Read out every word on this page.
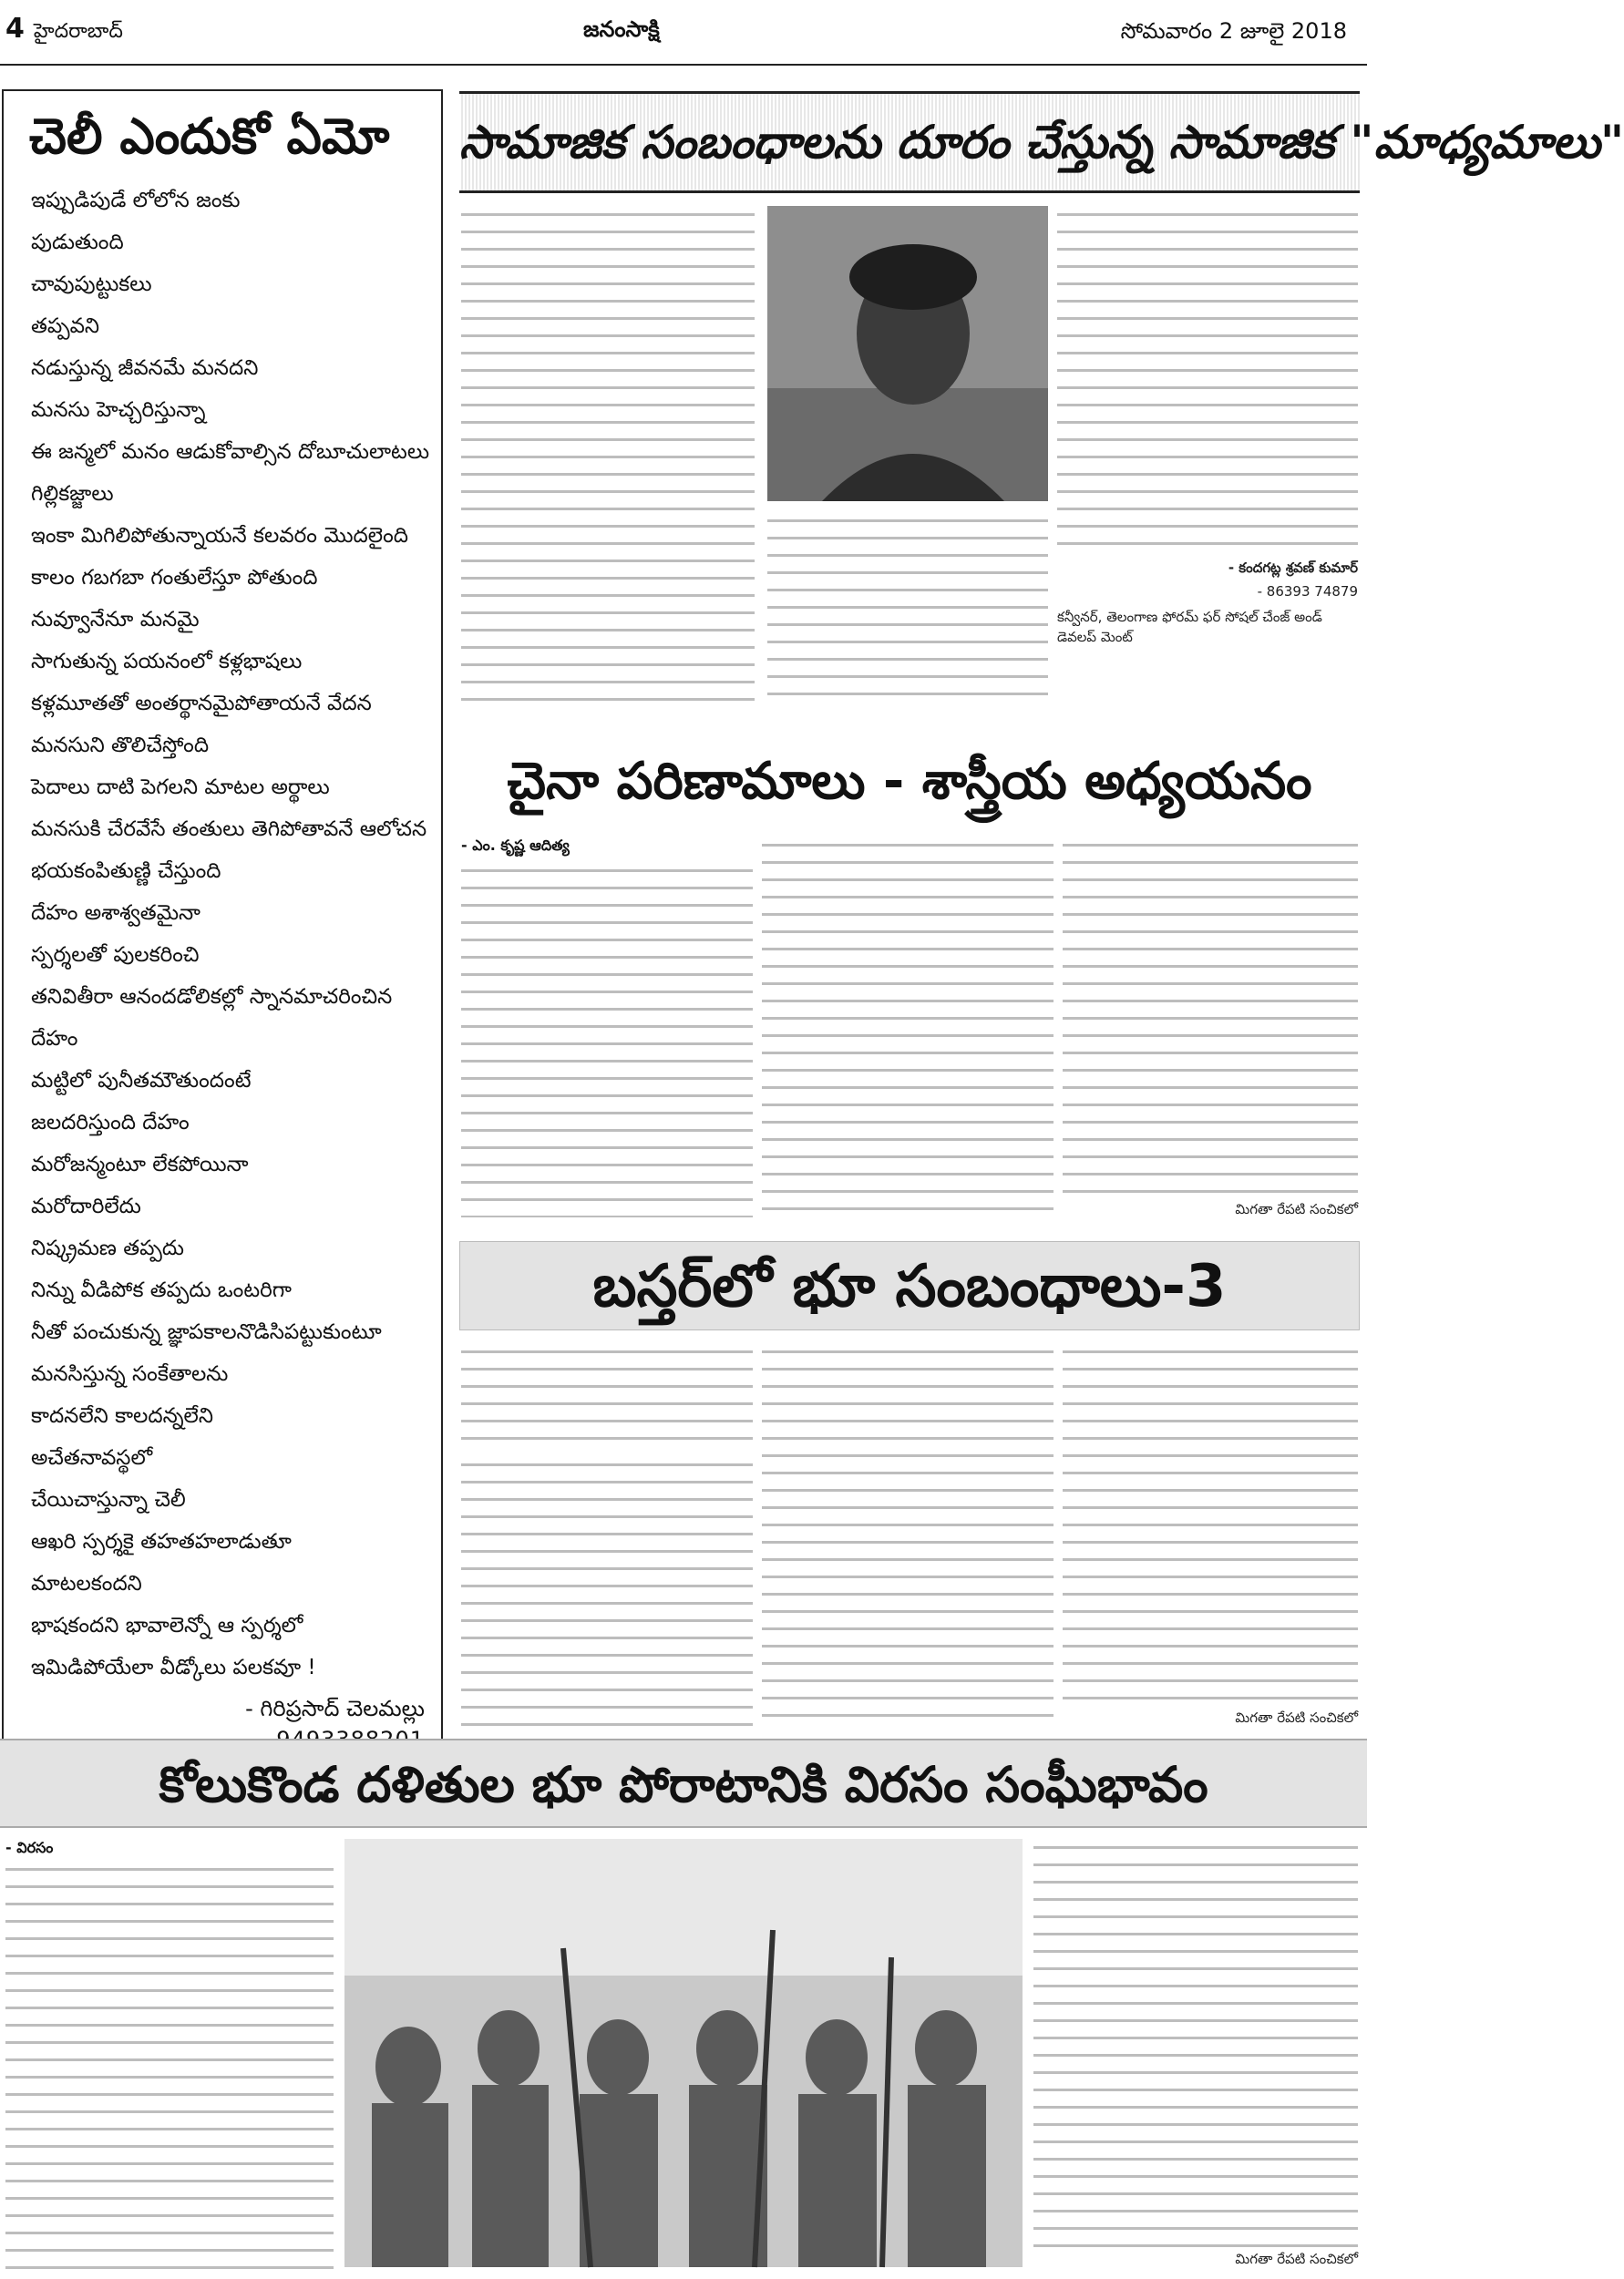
4 హైదరాబాద్	జనంసాక్షి	సోమవారం 2 జూలై 2018
చెలీ ఎందుకో ఏమో
ఇప్పుడిపుడే లోలోన జంకు
పుడుతుంది
చావుపుట్టుకలు
తప్పవని
నడుస్తున్న జీవనమే మనదని
మనసు హెచ్చరిస్తున్నా
ఈ జన్మలో మనం ఆడుకోవాల్సిన దోబూచులాటలు
గిల్లికజ్జాలు
ఇంకా మిగిలిపోతున్నాయనే కలవరం మొదలైంది
కాలం గబగబా గంతులేస్తూ పోతుంది
నువ్వూనేనూ మనమై
సాగుతున్న పయనంలో కళ్లభాషలు
కళ్లమూతతో అంతర్థానమైపోతాయనే వేదన
మనసుని తొలిచేస్తోంది
పెదాలు దాటి పెగలని మాటల అర్థాలు
మనసుకి చేరవేసే తంతులు తెగిపోతావనే ఆలోచన
భయకంపితుణ్ణి చేస్తుంది
దేహం అశాశ్వతమైనా
స్పర్శలతో పులకరించి
తనివితీరా ఆనందడోలికల్లో స్నానమాచరించిన
దేహం
మట్టిలో పునీతమౌతుందంటే
జలదరిస్తుంది దేహం
మరోజన్మంటూ లేకపోయినా
మరోదారిలేదు
నిష్క్రమణ తప్పదు
నిన్ను వీడిపోక తప్పదు ఒంటరిగా
నీతో పంచుకున్న జ్ఞాపకాలనొడిసిపట్టుకుంటూ
మనసిస్తున్న సంకేతాలను
కాదనలేని కాలదన్నలేని
అచేతనావస్థలో
చేయిచాస్తున్నా చెలీ
ఆఖరి స్పర్శకై తహతహలాడుతూ
మాటలకందని
భాషకందని భావాలెన్నో ఆ స్పర్శలో
ఇమిడిపోయేలా వీడ్కోలు పలకవూ !
- గిరిప్రసాద్ చెలమల్లు
సామాజిక సంబంధాలను దూరం చేస్తున్న సామాజిక "మాధ్యమాలు"
- కందగట్ల శ్రవణ్ కుమార్
- 86393 74879
కన్వీనర్, తెలంగాణ ఫోరమ్ ఫర్ సోషల్ చేంజ్ అండ్ డెవలప్ మెంట్
చైనా పరిణామాలు - శాస్త్రీయ అధ్యయనం
- ఎం. కృష్ణ ఆదిత్య
మిగతా రేపటి సంచికలో
బస్తర్‌లో భూ సంబంధాలు-3
మిగతా రేపటి సంచికలో
కోలుకొండ దళితుల భూ పోరాటానికి విరసం సంఘీభావం
- విరసం
మిగతా రేపటి సంచికలో
